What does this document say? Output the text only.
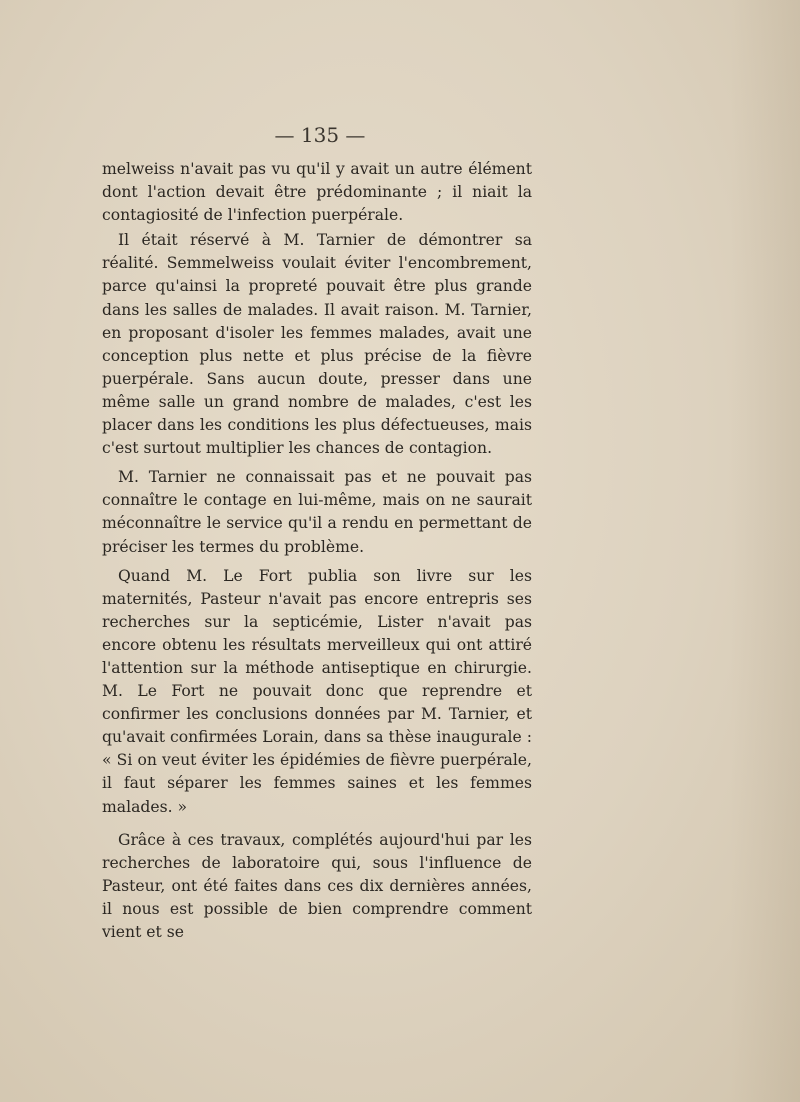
— 135 —

melweiss n'avait pas vu qu'il y avait un autre élément dont l'action devait être prédominante ; il niait la contagiosité de l'infection puerpérale.

Il était réservé à M. Tarnier de démontrer sa réalité. Semmelweiss voulait éviter l'encombrement, parce qu'ainsi la propreté pouvait être plus grande dans les salles de malades. Il avait raison. M. Tarnier, en proposant d'isoler les femmes malades, avait une conception plus nette et plus précise de la fièvre puerpérale. Sans aucun doute, presser dans une même salle un grand nombre de malades, c'est les placer dans les conditions les plus défectueuses, mais c'est surtout multiplier les chances de contagion.

M. Tarnier ne connaissait pas et ne pouvait pas connaître le contage en lui-même, mais on ne saurait méconnaître le service qu'il a rendu en permettant de préciser les termes du problème.

Quand M. Le Fort publia son livre sur les maternités, Pasteur n'avait pas encore entrepris ses recherches sur la septicémie, Lister n'avait pas encore obtenu les résultats merveilleux qui ont attiré l'attention sur la méthode antiseptique en chirurgie. M. Le Fort ne pouvait donc que reprendre et confirmer les conclusions données par M. Tarnier, et qu'avait confirmées Lorain, dans sa thèse inaugurale : « Si on veut éviter les épidémies de fièvre puerpérale, il faut séparer les femmes saines et les femmes malades. »

Grâce à ces travaux, complétés aujourd'hui par les recherches de laboratoire qui, sous l'influence de Pasteur, ont été faites dans ces dix dernières années, il nous est possible de bien comprendre comment vient et se
